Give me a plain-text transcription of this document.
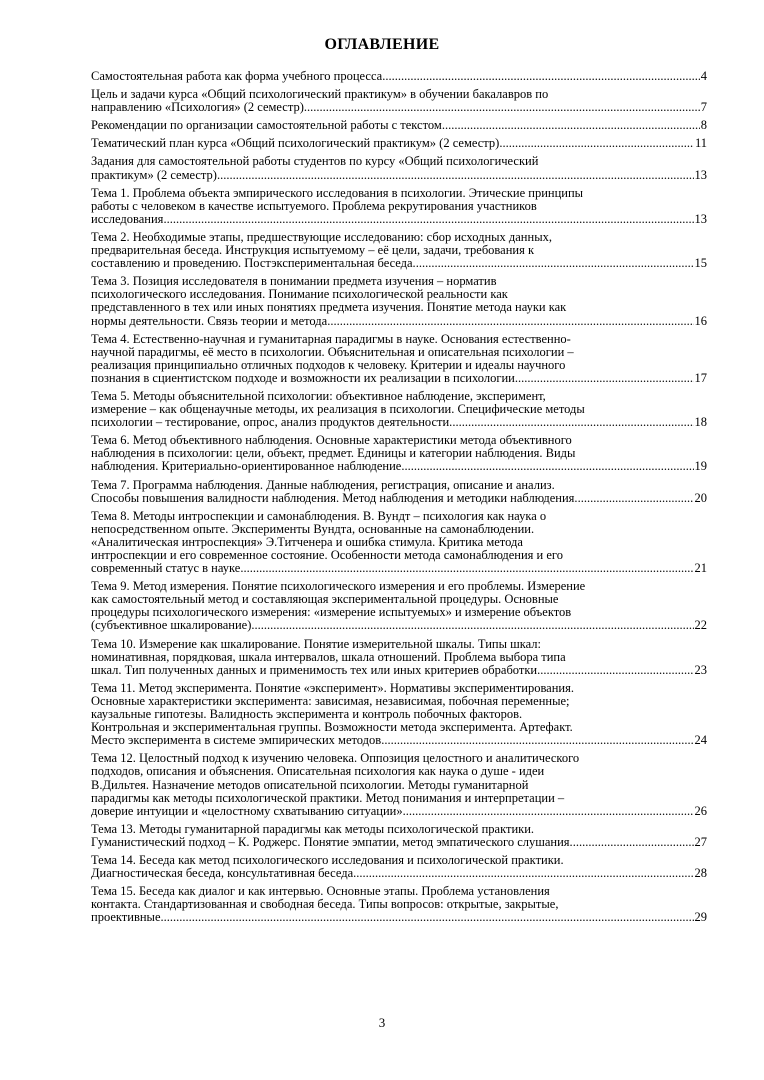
ОГЛАВЛЕНИЕ
Самостоятельная работа как форма учебного процесса. .....	4
Цель и задачи курса «Общий психологический практикум» в обучении бакалавров по
направлению «Психология» (2 семестр) .....	7
Рекомендации по организации самостоятельной работы с текстом .....	8
Тематический план курса «Общий психологический практикум» (2 семестр) .....	11
Задания для самостоятельной работы студентов по курсу «Общий психологический
практикум» (2 семестр) .....	13
Тема 1. Проблема объекта эмпирического исследования в психологии. Этические принципы
работы с человеком в качестве испытуемого. Проблема рекрутирования участников
исследования .....	13
Тема 2. Необходимые этапы, предшествующие исследованию: сбор исходных данных,
предварительная беседа. Инструкция испытуемому – её цели, задачи, требования к
составлению и проведению. Постэкспериментальная беседа. .....	15
Тема 3. Позиция исследователя в понимании предмета изучения – норматив
психологического исследования. Понимание психологической реальности как
представленного в тех или иных понятиях предмета изучения. Понятие метода науки как
нормы деятельности. Связь теории и метода. .....	16
Тема 4. Естественно-научная и гуманитарная парадигмы в науке. Основания естественно-
научной парадигмы, её место в психологии. Объяснительная и описательная психологии –
реализация принципиально отличных подходов к человеку. Критерии и идеалы научного
познания в сциентистском подходе и возможности их реализации в психологии .....	17
Тема 5. Методы объяснительной психологии: объективное наблюдение, эксперимент,
измерение – как общенаучные методы, их реализация в психологии. Специфические методы
психологии – тестирование, опрос, анализ продуктов деятельности. .....	18
Тема 6. Метод объективного наблюдения. Основные характеристики метода объективного
наблюдения в психологии: цели, объект, предмет. Единицы и категории наблюдения. Виды
наблюдения. Критериально-ориентированное наблюдение. .....	19
Тема 7. Программа наблюдения. Данные наблюдения, регистрация, описание и анализ.
Способы повышения валидности наблюдения. Метод наблюдения и методики наблюдения. .....	20
Тема 8. Методы интроспекции и самонаблюдения. В. Вундт – психология как наука о
непосредственном опыте. Эксперименты Вундта, основанные на самонаблюдении.
«Аналитическая интроспекция» Э.Титченера и ошибка стимула. Критика метода
интроспекции и его современное состояние. Особенности метода самонаблюдения и его
современный статус в науке. .....	21
Тема 9. Метод измерения. Понятие психологического измерения и его проблемы. Измерение
как самостоятельный метод и составляющая экспериментальной процедуры. Основные
процедуры психологического измерения: «измерение испытуемых» и измерение объектов
(субъективное шкалирование). .....	22
Тема 10. Измерение как шкалирование. Понятие измерительной шкалы. Типы шкал:
номинативная, порядковая, шкала интервалов, шкала отношений. Проблема выбора типа
шкал. Тип полученных данных и применимость тех или иных критериев обработки. .....	23
Тема 11. Метод эксперимента. Понятие «эксперимент». Нормативы экспериментирования.
Основные характеристики эксперимента: зависимая, независимая, побочная переменные;
каузальные гипотезы. Валидность эксперимента и контроль побочных факторов.
Контрольная и экспериментальная группы. Возможности метода эксперимента. Артефакт.
Место эксперимента в системе эмпирических методов. .....	24
Тема 12. Целостный подход к изучению человека. Оппозиция целостного и аналитического
подходов, описания и объяснения. Описательная психология как наука о душе - идеи
В.Дильтея. Назначение методов описательной психологии. Методы гуманитарной
парадигмы как методы психологической практики. Метод понимания и интерпретации –
доверие интуиции и «целостному схватыванию ситуации». .....	26
Тема 13. Методы гуманитарной парадигмы как методы психологической практики.
Гуманистический подход – К. Роджерс. Понятие эмпатии, метод эмпатического слушания. .....	27
Тема 14. Беседа как метод психологического исследования и психологической практики.
Диагностическая беседа, консультативная беседа .....	28
Тема 15. Беседа как диалог и как интервью. Основные этапы. Проблема установления
контакта. Стандартизованная и свободная беседа. Типы вопросов: открытые, закрытые,
проективные. .....	29
3
